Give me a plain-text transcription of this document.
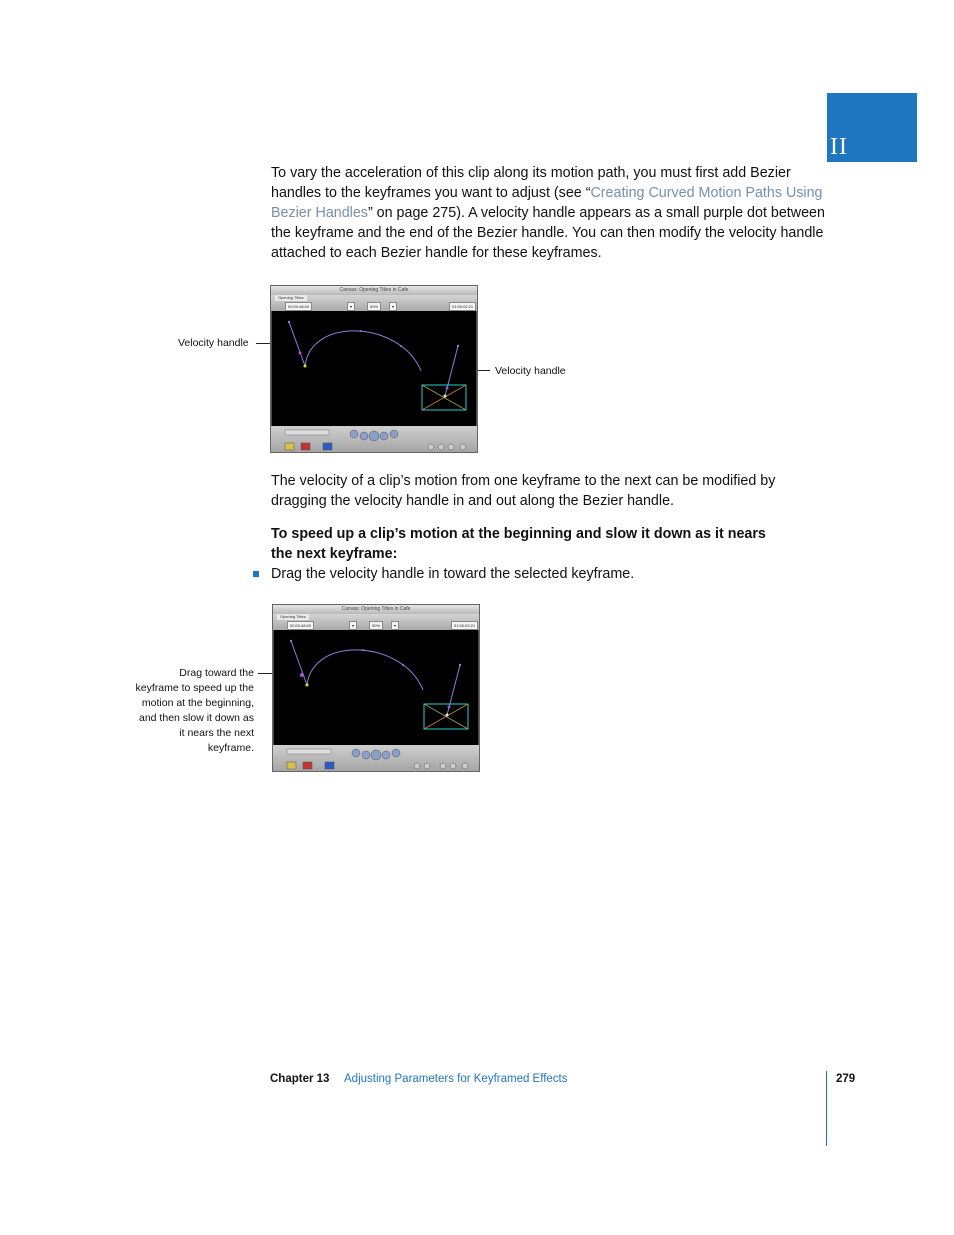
II
To vary the acceleration of this clip along its motion path, you must first add Bezier handles to the keyframes you want to adjust (see “Creating Curved Motion Paths Using Bezier Handles” on page 275). A velocity handle appears as a small purple dot between the keyframe and the end of the Bezier handle. You can then modify the velocity handle attached to each Bezier handle for these keyframes.
Velocity handle
Velocity handle
Canvas: Opening Titles in Cafe
Opening Titles
00:00:48:00	▾	50%	▾	01:00:02:21
The velocity of a clip’s motion from one keyframe to the next can be modified by dragging the velocity handle in and out along the Bezier handle.
To speed up a clip’s motion at the beginning and slow it down as it nears the next keyframe:
Drag the velocity handle in toward the selected keyframe.
Drag toward the
keyframe to speed up the
motion at the beginning,
and then slow it down as
it nears the next
keyframe.
Canvas: Opening Titles in Cafe
Opening Titles
00:00:48:00	▾	50%	▾	01:00:02:21
Chapter 13 Adjusting Parameters for Keyframed Effects	279
